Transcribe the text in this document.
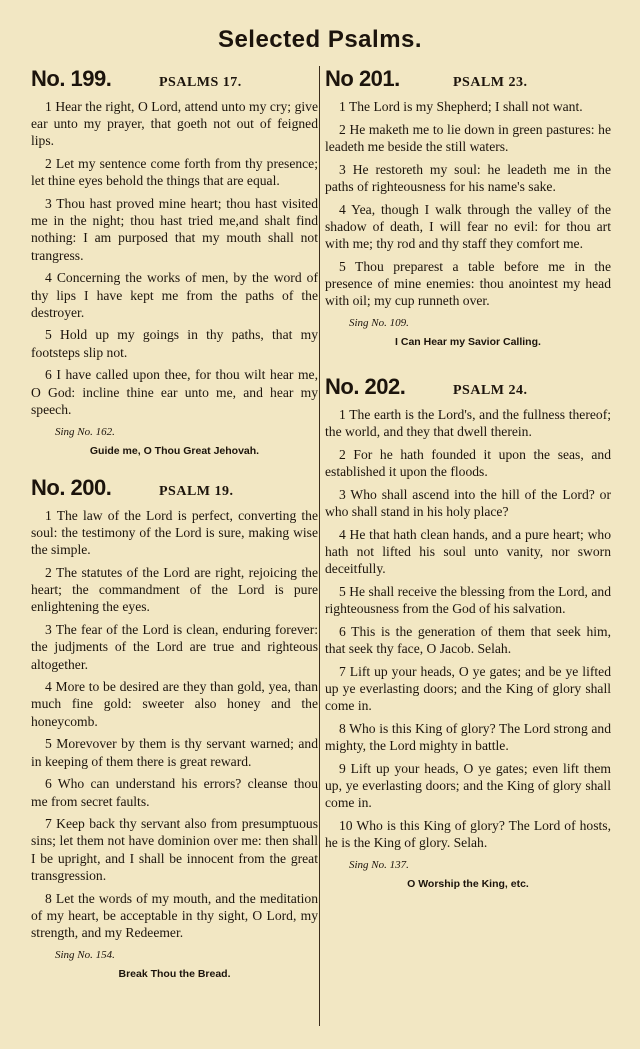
Selected Psalms.
No. 199.	PSALMS 17.

1 Hear the right, O Lord, attend unto my cry; give ear unto my prayer, that goeth not out of feigned lips.

2 Let my sentence come forth from thy presence; let thine eyes behold the things that are equal.

3 Thou hast proved mine heart; thou hast visited me in the night; thou hast tried me,and shalt find nothing: I am purposed that my mouth shall not trangress.

4 Concerning the works of men, by the word of thy lips I have kept me from the paths of the destroyer.

5 Hold up my goings in thy paths, that my footsteps slip not.

6 I have called upon thee, for thou wilt hear me, O God: incline thine ear unto me, and hear my speech.

Sing No. 162.
Guide me, O Thou Great Jehovah.
No. 200.	PSALM 19.

1 The law of the Lord is perfect, converting the soul: the testimony of the Lord is sure, making wise the simple.

2 The statutes of the Lord are right, rejoicing the heart; the commandment of the Lord is pure enlightening the eyes.

3 The fear of the Lord is clean, enduring forever: the judjments of the Lord are true and righteous altogether.

4 More to be desired are they than gold, yea, than much fine gold: sweeter also honey and the honeycomb.

5 Morevover by them is thy servant warned; and in keeping of them there is great reward.

6 Who can understand his errors? cleanse thou me from secret faults.

7 Keep back thy servant also from presumptuous sins; let them not have dominion over me: then shall I be upright, and I shall be innocent from the great transgression.

8 Let the words of my mouth, and the meditation of my heart, be acceptable in thy sight, O Lord, my strength, and my Redeemer.

Sing No. 154.
Break Thou the Bread.
No 201.	PSALM 23.

1 The Lord is my Shepherd; I shall not want.

2 He maketh me to lie down in green pastures: he leadeth me beside the still waters.

3 He restoreth my soul: he leadeth me in the paths of righteousness for his name's sake.

4 Yea, though I walk through the valley of the shadow of death, I will fear no evil: for thou art with me; thy rod and thy staff they comfort me.

5 Thou preparest a table before me in the presence of mine enemies: thou anointest my head with oil; my cup runneth over.

Sing No. 109.
I Can Hear my Savior Calling.
No. 202.	PSALM 24.

1 The earth is the Lord's, and the fullness thereof; the world, and they that dwell therein.

2 For he hath founded it upon the seas, and established it upon the floods.

3 Who shall ascend into the hill of the Lord? or who shall stand in his holy place?

4 He that hath clean hands, and a pure heart; who hath not lifted his soul unto vanity, nor sworn deceitfully.

5 He shall receive the blessing from the Lord, and righteousness from the God of his salvation.

6 This is the generation of them that seek him, that seek thy face, O Jacob. Selah.

7 Lift up your heads, O ye gates; and be ye lifted up ye everlasting doors; and the King of glory shall come in.

8 Who is this King of glory? The Lord strong and mighty, the Lord mighty in battle.

9 Lift up your heads, O ye gates; even lift them up, ye everlasting doors; and the King of glory shall come in.

10 Who is this King of glory? The Lord of hosts, he is the King of glory. Selah.

Sing No. 137.
O Worship the King, etc.
